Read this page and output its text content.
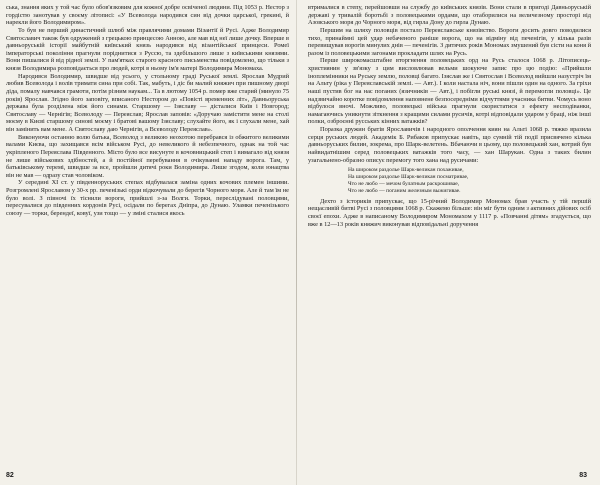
ська, знання яких у той час було обов'язковим для кожної добре освіченої людини. Під 1053 р. Нестор з гордістю занотував у своєму літописі: «У Всеволода народився син від дочки царської, грекині, й нарекли його Володимиром».

То був не перший династичний шлюб між правлячими домами Візантії й Русі. Адже Володимир Святославич також був одружений з грецькою принцесою Анною, але мав від неї лише дочку. Вперше в давньоруській історії майбутній київський князь народився від візантійської принцеси. Ромеї імператорські покоління прагнули поріднитися з Руссю, та здебільшого лише з київськими князями. Вони пишалися й від рідної землі. У пам'ятках старого красного письменства повідомлено, що тільки з князя Володимира розповідається про людей, котрі в ньому ім'я матері Володимира Мономаха.

Народився Володимир, швидше від усього, у стольному граді Руської землі. Ярослав Мудрий любив Всеволода і волів тримати сина при собі. Так, мабуть, і діс би малий княжич при пишному дворі діда, помалу навчався грамоти, потім різним наукам... Та в лютому 1054 р. помер вже старий (минуло 75 років) Ярослав. Згідно його заповіту, вписаного Нестором до «Повісті временних літ», Давньоруська держава була розділена між його синами. Старшому — Ізяславу — дісталися Київ і Новгород; Святославу — Чернігів; Всеволоду — Переяслав; Ярослав заповів: «Доручаю замістити мене на столі моєму в Києві старшому синові моєму і братові вашому Ізяславу; слухайте його, як і слухали мене, хай він замінить вам мене. А Святославу даю Чернігів, а Всеволоду Переяслав».

Виконуючи останню волю батька, Всеволод з великою неохотою перебрався із обжитого великими валами Києва, що захищався всім військом Русі, до невеликого й небезпечного, однак на той час укріпленого Переяслава Південного. Місто було все висунуте в кочовницький степ і вимагало від князя не лише військових здібностей, а й постійної перебування в очікуванні нападу ворога. Там, у батьківському теремі, швидше за все, пройшли дитячі роки Володимира. Лише згодом, коли юнацтва він не мав — одразу став чоловіком.

У середині XI ст. у південноруських степах відбувалася заміна одних кочових племен іншими. Розгромлені Ярославом у 30-х рр. печенізькі орди відкочували до берегів Чорного моря. Але й там їм не було волі. З півночі їх тіснили вороги, прийшлі з-за Волги. Торки, переслідувані половцями, пересувалися до південних кордонів Русі, осідали по берегах Дніпра, до Дунаю. Уламки печенізького союзу — торки, берендеї, ковуї, узи тощо — у зміні сталися якось

82

втрималися в степу, перейшовши на службу до київських князів. Вони стали в пригоді Давньоруській державі у тривалій боротьбі з половецькими ордами, що отаборилися на величезному просторі від Азовського моря до Чорного моря, від гирла Дону до гирла Дунаю.

Першим на шляху половців постало Переяславське князівство. Вороги досить довго поводилися тихо, принаймні цей удар небаченого раніше ворога, що на відміну від печенігів, у кілька разів перевищував ворогів минулих днів — печенігів. З дитячих років Мономах змушений був сісти на коня й разом із половецькими загонами прокладати шлях на Русь.

Перше широкомасштабне вторгнення половецьких орд на Русь сталося 1068 р. Літописець-християнин у зв'язку з цим висловлював вельми шокуюче запис про цю подію: «Прийшли іноплемінники на Руську землю, половці багато. Ізяслав же і Святослав і Всеволод вийшли назустріч їм на Альту (ріка у Переяславській землі. — Авт.). І коли настала ніч, вони пішли один на одного. За гріхи наші пустив бог на нас поганих (язичників — Авт.), і побігли руські князі, й перемогли половці». Це надзвичайно коротке повідомлення наповнене безпосередніми відчуттями учасника битви. Чомусь воно відбулося вночі. Можливо, половецькі війська прагнули скористатися з ефекту несподіванки, намагаючись уникнути зіткнення з кращими силами русичів, котрі відповідали ударом у браці, ніж інші полки, озброєнні русських кінних ватажків?

Поразка дружин братів Ярославичів і народного ополчення киян на Альті 1068 р. тяжко вразила серця руських людей. Академік Б. Рибаков припускає навіть, що сумній тій події присвячено кілька давньоруських билин, зокрема, про Шарк-велетень. Вбачаючи в цьому, що половецький хан, котрий був найвидатнішим серед половецьких ватажків того часу, — хан Шарукан. Одна з таких билин узагальнено-образно описує перемогу того хана над русичами:

На широком раздолье Шарк-великан похаживае,
На широком раздолье Шарк-великан посматривае,
Что не любо — мечом булатным раскрошивае,
Что не любо — поганим железным выжигивае.

Дехто з істориків припускає, що 15-річний Володимир Мономах брав участь у тій першій нещасливій битві Русі з половцями 1068 р. Скажемо більше: він міг бути одним з активних дійових осіб своєї епохи. Адже в написаному Володимиром Мономахом у 1117 р. «Повчанні дітям» згадується, що вже в 12—13 років княжич виконував відповідальні доручення

83
